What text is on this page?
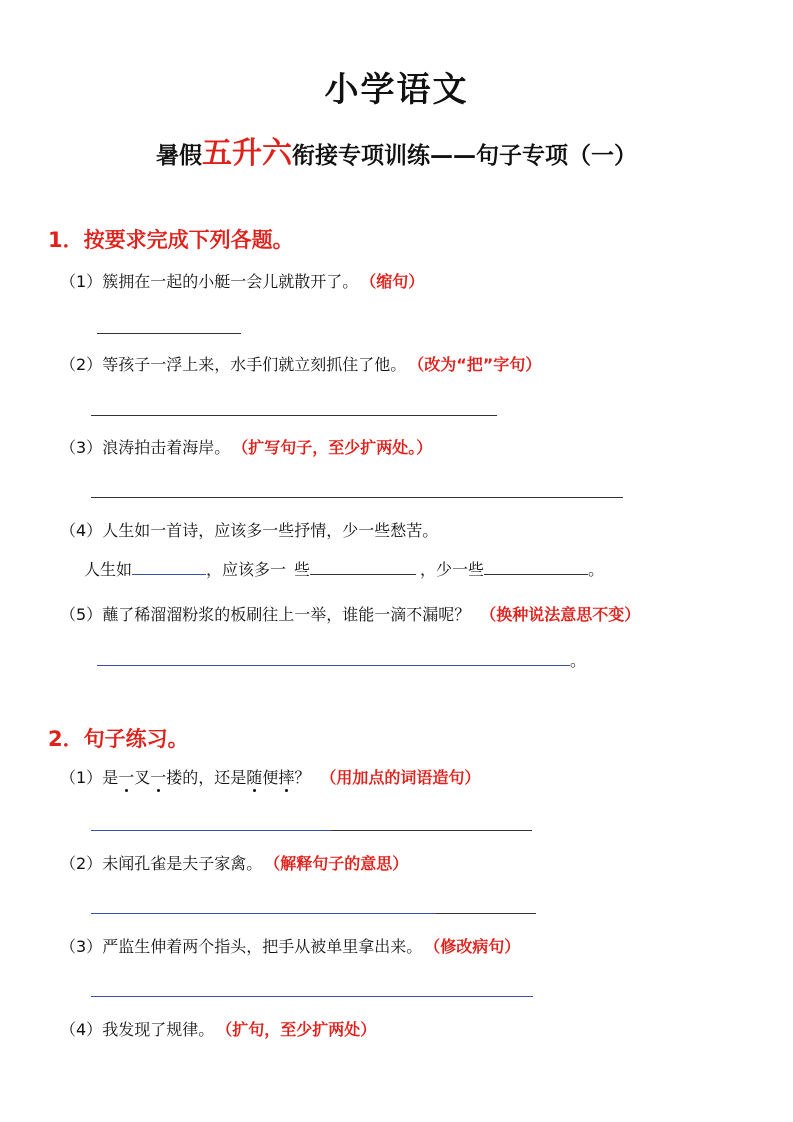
小学语文
暑假五升六衔接专项训练——句子专项（一）
1．按要求完成下列各题。
（1）簇拥在一起的小艇一会儿就散开了。 （缩句）
（2）等孩子一浮上来，水手们就立刻抓住了他。 （改为“把”字句）
（3）浪涛拍击着海岸。 （扩写句子，至少扩两处。）
（4）人生如一首诗，应该多一些抒情，少一些愁苦。
人生如	，应该多一 些	，少一些	。
（5）蘸了稀溜溜粉浆的板刷往上一举，谁能一滴不漏呢？ （换种说法意思不变）
。
2．句子练习。
（1）是一叉一搂的，还是随便摔？ （用加点的词语造句）
（2）未闻孔雀是夫子家禽。 （解释句子的意思）
（3）严监生伸着两个指头，把手从被单里拿出来。 （修改病句）
（4）我发现了规律。 （扩句，至少扩两处）
